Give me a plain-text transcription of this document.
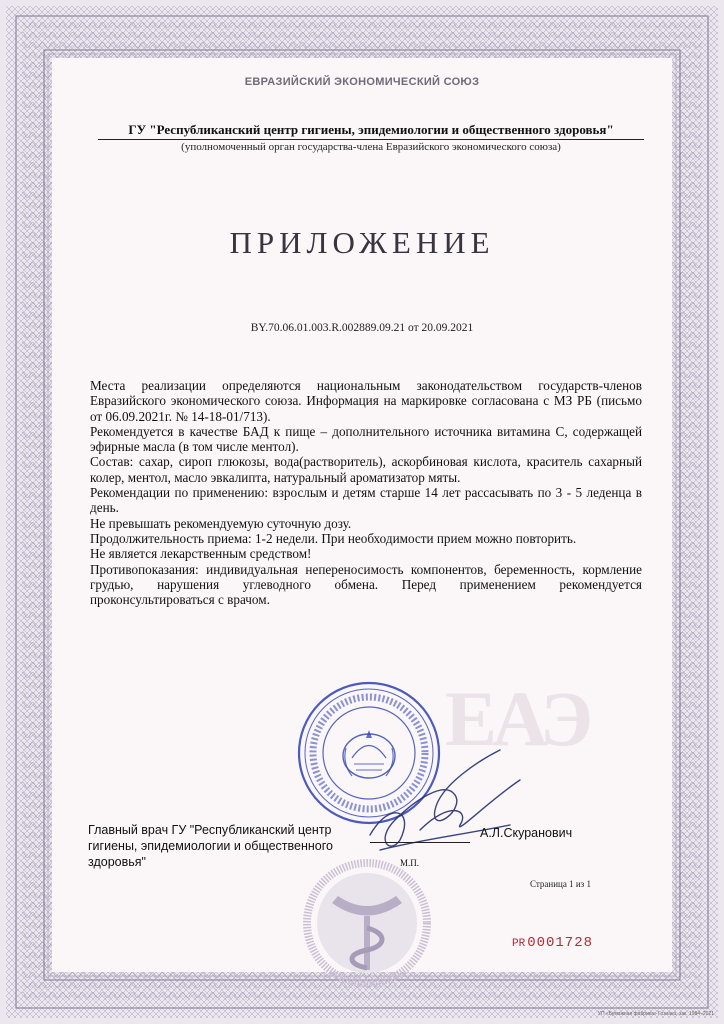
Е
А
Э
ЕВРАЗИЙСКИЙ ЭКОНОМИЧЕСКИЙ СОЮЗ
ГУ "Республиканский центр гигиены, эпидемиологии и общественного здоровья"
(уполномоченный орган государства-члена Евразийского экономического союза)
ПРИЛОЖЕНИЕ
BY.70.06.01.003.R.002889.09.21 от 20.09.2021

Места реализации определяются национальным законодательством государств-членов Евразийского экономического союза. Информация на маркировке согласована с МЗ РБ (письмо от 06.09.2021г. № 14-18-01/713).

Рекомендуется в качестве БАД к пище – дополнительного источника витамина С, содержащей эфирные масла (в том числе ментол).

Состав: сахар, сироп глюкозы, вода(растворитель), аскорбиновая кислота, краситель сахарный колер, ментол, масло эвкалипта, натуральный ароматизатор мяты.

Рекомендации по применению: взрослым и детям старше 14 лет рассасывать по 3 - 5 леденца в день.

Не превышать рекомендуемую суточную дозу.

Продолжительность приема: 1-2 недели. При необходимости прием можно повторить.

Не является лекарственным средством!

Противопоказания: индивидуальная непереносимость компонентов, беременность, кормление грудью, нарушения углеводного обмена. Перед применением рекомендуется проконсультироваться с врачом.

Главный врач ГУ "Республиканский центр гигиены, эпидемиологии и общественного здоровья"
А.Л.Скуранович
М.П.
Страница 1 из 1
РR 0001728
УП «Бумажная фабрика» Гознака, зак. 1984–2021
